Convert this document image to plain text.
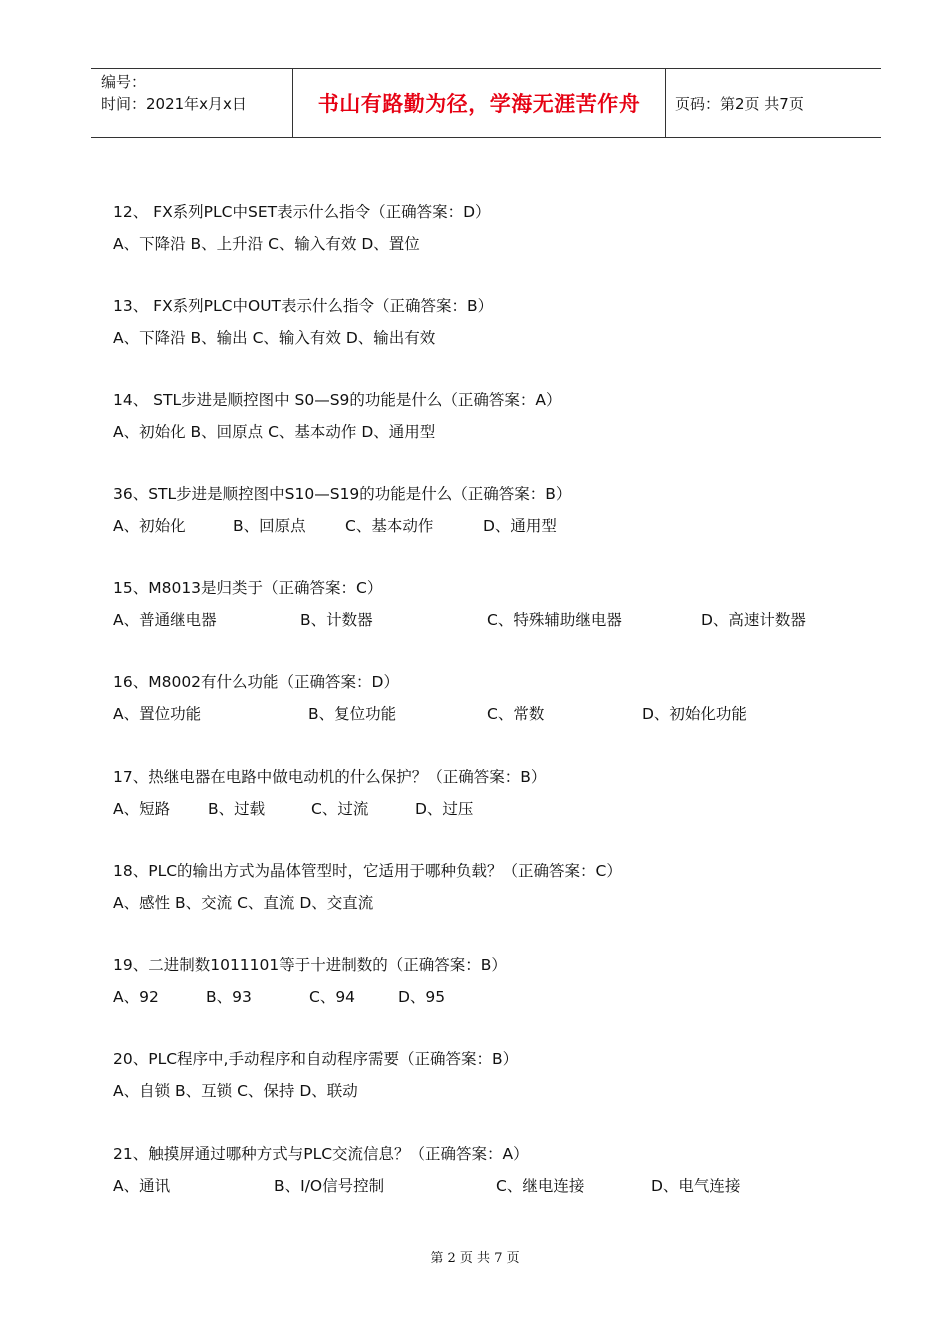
编号：
时间：2021年x月x日	书山有路勤为径，学海无涯苦作舟	页码：第2页 共7页
12、 FX系列PLC中SET表示什么指令（正确答案：D）
A、下降沿 B、上升沿 C、输入有效 D、置位
13、 FX系列PLC中OUT表示什么指令（正确答案：B）
A、下降沿 B、输出 C、输入有效 D、输出有效
14、 STL步进是顺控图中 S0—S9的功能是什么（正确答案：A）
A、初始化 B、回原点 C、基本动作 D、通用型
36、STL步进是顺控图中S10—S19的功能是什么（正确答案：B）
A、初始化	B、回原点	C、基本动作	D、通用型
15、M8013是归类于（正确答案：C）
A、普通继电器	B、计数器	C、特殊辅助继电器	D、高速计数器
16、M8002有什么功能（正确答案：D）
A、置位功能	B、复位功能	C、常数	D、初始化功能
17、热继电器在电路中做电动机的什么保护？（正确答案：B）
A、短路 B、过载	C、过流	D、过压
18、PLC的输出方式为晶体管型时，它适用于哪种负载？（正确答案：C）
A、感性 B、交流 C、直流 D、交直流
19、二进制数1011101等于十进制数的（正确答案：B）
A、92	B、93	C、94	D、95
20、PLC程序中,手动程序和自动程序需要（正确答案：B）
A、自锁 B、互锁 C、保持 D、联动
21、触摸屏通过哪种方式与PLC交流信息？（正确答案：A）
A、通讯	B、I/O信号控制	C、继电连接	D、电气连接
第 2 页 共 7 页
